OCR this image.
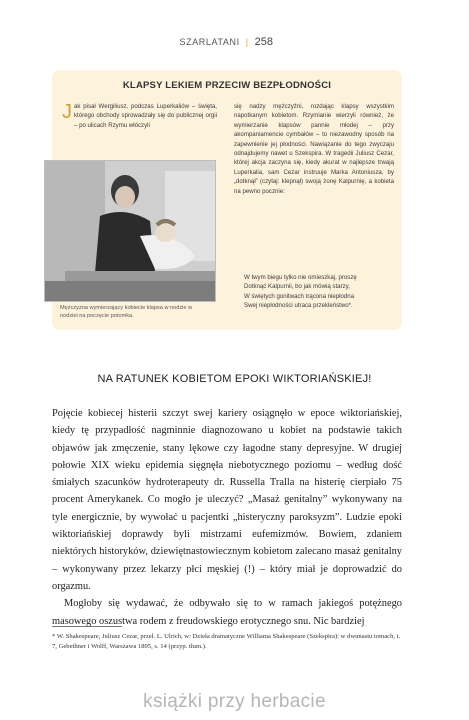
SZARLATANI | 258
KLAPSY LEKIEM PRZECIW BEZPŁODNOŚCI
Jak pisał Wergiliusz, podczas Luperkaliów – święta, którego obchody sprowadzały się do publicznej orgii – po ulicach Rzymu włóczyli
się nadzy mężczyźni, rozdając klapsy wszystkim napotkanym kobietom. Rzymianie wierzyli również, że wymierzanie klapsów pannie młodej – przy akompaniamencie cymbałów – to niezawodny sposób na zapewnienie jej płodności. Nawiązanie do tego zwyczaju odnajdujemy nawet u Szekspira. W tragedii Juliusz Cezar, której akcja zaczyna się, kiedy akurat w najlepsze trwają Luperkalia, sam Cezar instruuje Marka Antoniusza, by „dotknął” (czytaj: klepnął) swoją żonę Kalpurnię, a kobieta na pewno pocznie:
W twym biegu tylko nie omieszkaj, proszę
Dotknąć Kalpurnii, bo jak mówią starzy,
W świętych gonitwach trącona niepłodna
Swej niepłodności utraca przekleństwo*.
Mężczyzna wymierzający kobiecie klapsa w nodzie w nodziei na poczęcie potomka.
NA RATUNEK KOBIETOM EPOKI WIKTORIAŃSKIEJ!

Pojęcie kobiecej histerii szczyt swej kariery osiągnęło w epoce wiktoriańskiej, kiedy tę przypadłość nagminnie diagnozowano u kobiet na podstawie takich objawów jak zmęczenie, stany lękowe czy łagodne stany depresyjne. W drugiej połowie XIX wieku epidemia sięgnęła niebotycznego poziomu – według dość śmiałych szacunków hydroterapeuty dr. Russella Tralla na histerię cierpiało 75 procent Amerykanek. Co mogło je uleczyć? „Masaż genitalny” wykonywany na tyle energicznie, by wywołać u pacjentki „histeryczny paroksyzm”. Ludzie epoki wiktoriańskiej doprawdy byli mistrzami eufemizmów. Bowiem, zdaniem niektórych historyków, dziewiętnastowiecznym kobietom zalecano masaż genitalny – wykonywany przez lekarzy płci męskiej (!) – który miał je doprowadzić do orgazmu.

Mogłoby się wydawać, że odbywało się to w ramach jakiegoś potężnego masowego oszustwa rodem z freudowskiego erotycznego snu. Nic bardziej

* W. Shakespeare, Juliusz Cezar, przeł. L. Ulrich, w: Dzieła dramatyczne Williama Shakespeare (Szekspira): w dwunastu tomach, t. 7, Gebethner i Wolff, Warszawa 1895, s. 14 (przyp. tłum.).
książki przy herbacie
